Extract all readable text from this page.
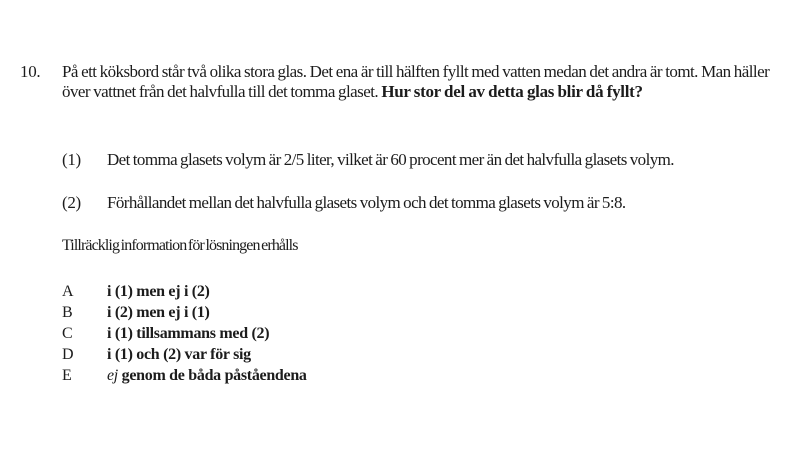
10. På ett köksbord står två olika stora glas. Det ena är till hälften fyllt med vatten medan det andra är tomt. Man häller över vattnet från det halvfulla till det tomma glaset. Hur stor del av detta glas blir då fyllt?
(1) Det tomma glasets volym är 2/5 liter, vilket är 60 procent mer än det halvfulla glasets volym.
(2) Förhållandet mellan det halvfulla glasets volym och det tomma glasets volym är 5:8.
Tillräcklig information för lösningen erhålls
A	i (1) men ej i (2)
B	i (2) men ej i (1)
C	i (1) tillsammans med (2)
D	i (1) och (2) var för sig
E	ej genom de båda påståendena
